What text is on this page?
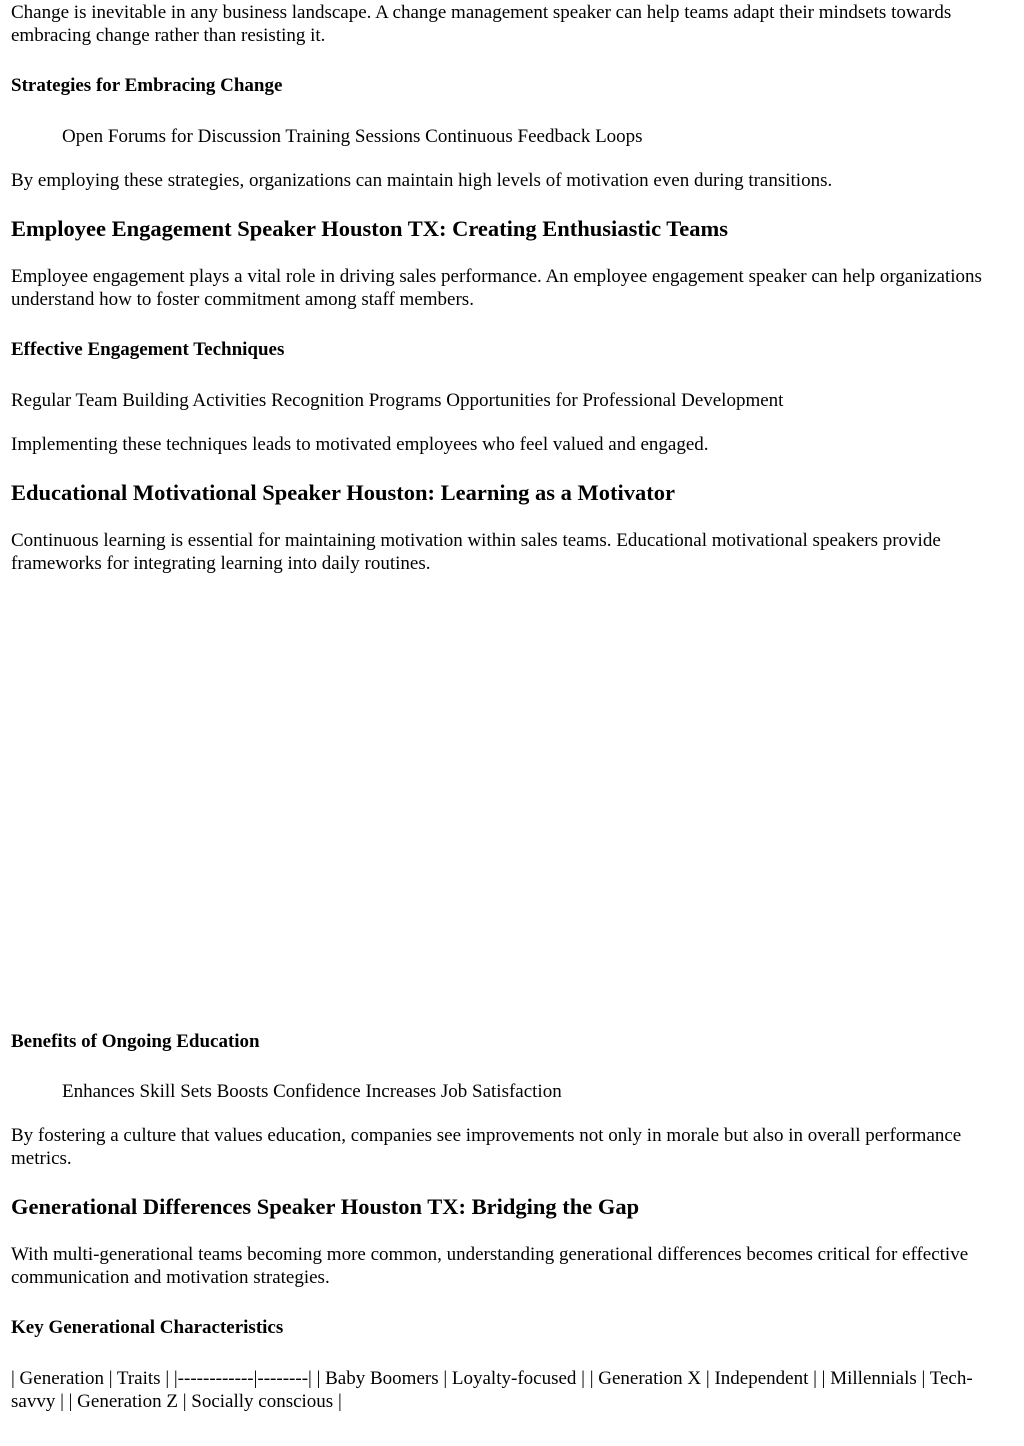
Change is inevitable in any business landscape. A change management speaker can help teams adapt their mindsets towards embracing change rather than resisting it.

Strategies for Embracing Change

Open Forums for Discussion Training Sessions Continuous Feedback Loops

By employing these strategies, organizations can maintain high levels of motivation even during transitions.

Employee Engagement Speaker Houston TX: Creating Enthusiastic Teams

Employee engagement plays a vital role in driving sales performance. An employee engagement speaker can help organizations understand how to foster commitment among staff members.

Effective Engagement Techniques

Regular Team Building Activities Recognition Programs Opportunities for Professional Development

Implementing these techniques leads to motivated employees who feel valued and engaged.

Educational Motivational Speaker Houston: Learning as a Motivator

Continuous learning is essential for maintaining motivation within sales teams. Educational motivational speakers provide frameworks for integrating learning into daily routines.

Benefits of Ongoing Education

Enhances Skill Sets Boosts Confidence Increases Job Satisfaction

By fostering a culture that values education, companies see improvements not only in morale but also in overall performance metrics.

Generational Differences Speaker Houston TX: Bridging the Gap

With multi-generational teams becoming more common, understanding generational differences becomes critical for effective communication and motivation strategies.

Key Generational Characteristics

| Generation | Traits | |------------|--------| | Baby Boomers | Loyalty-focused | | Generation X | Independent | | Millennials | Tech-savvy | | Generation Z | Socially conscious |
